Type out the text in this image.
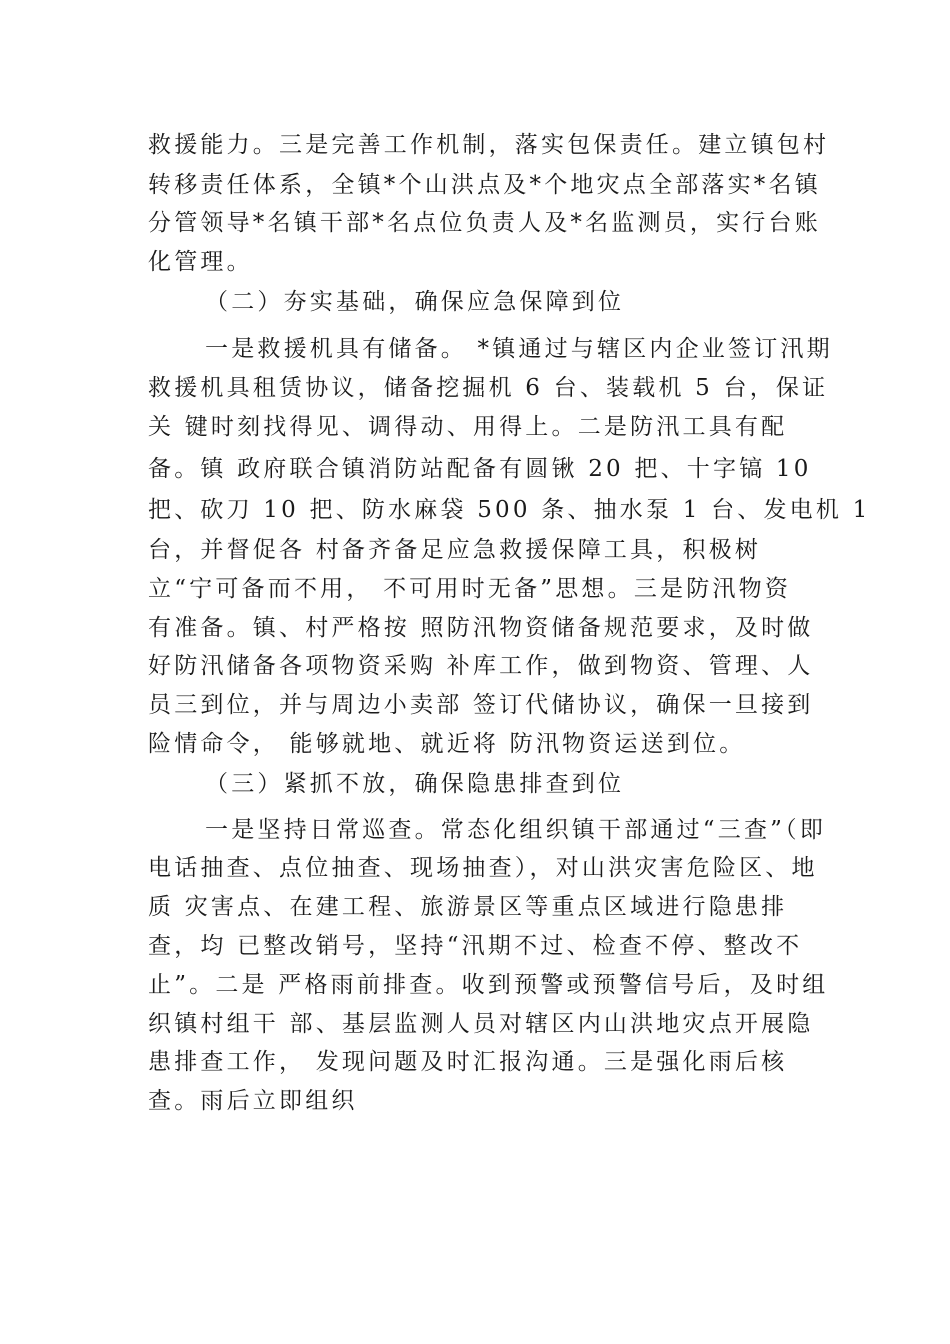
救援能力。三是完善工作机制，落实包保责任。建立镇包村
转移责任体系，全镇*个山洪点及*个地灾点全部落实*名镇
分管领导*名镇干部*名点位负责人及*名监测员，实行台账
化管理。
（二）夯实基础，确保应急保障到位
一是救援机具有储备。 *镇通过与辖区内企业签订汛期
救援机具租赁协议，储备挖掘机 6 台、装载机 5 台，保证
关 键时刻找得见、调得动、用得上。二是防汛工具有配
备。镇 政府联合镇消防站配备有圆锹 20 把、十字镐 10
把、砍刀 10 把、防水麻袋 500 条、抽水泵 1 台、发电机 1
台，并督促各 村备齐备足应急救援保障工具，积极树
立“宁可备而不用， 不可用时无备”思想。三是防汛物资
有准备。镇、村严格按 照防汛物资储备规范要求，及时做
好防汛储备各项物资采购 补库工作，做到物资、管理、人
员三到位，并与周边小卖部 签订代储协议，确保一旦接到
险情命令， 能够就地、就近将 防汛物资运送到位。
（三）紧抓不放，确保隐患排查到位
一是坚持日常巡查。常态化组织镇干部通过“三查”（即
电话抽查、点位抽查、现场抽查），对山洪灾害危险区、地
质 灾害点、在建工程、旅游景区等重点区域进行隐患排
查，均 已整改销号，坚持“汛期不过、检查不停、整改不
止”。二是 严格雨前排查。收到预警或预警信号后，及时组
织镇村组干 部、基层监测人员对辖区内山洪地灾点开展隐
患排查工作， 发现问题及时汇报沟通。三是强化雨后核
查。雨后立即组织
